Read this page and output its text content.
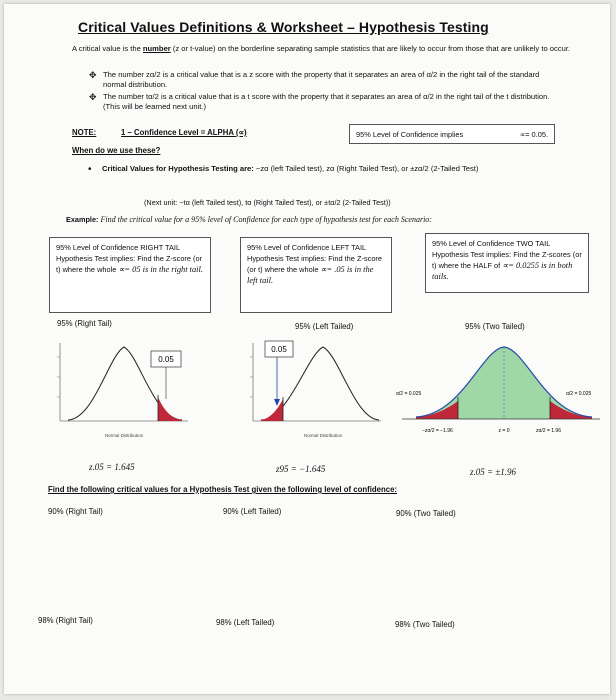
Critical Values Definitions & Worksheet – Hypothesis Testing
A critical value is the number (z or t-value) on the borderline separating sample statistics that are likely to occur from those that are unlikely to occur.
✥ The number zα/2 is a critical value that is a z score with the property that it separates an area of α/2 in the right tail of the standard normal distribution.
✥ The number tα/2 is a critical value that is a t score with the property that it separates an area of α/2 in the right tail of the t distribution. (This will be learned next unit.)
NOTE:	1 – Confidence Level = ALPHA (∝)	95% Level of Confidence implies	∝= 0.05.
When do we use these?
•	Critical Values for Hypothesis Testing are: −zα (left Tailed test), zα (Right Tailed Test), or ±zα/2 (2-Tailed Test)
(Next unit: −tα (left Tailed test), tα (Right Tailed Test), or ±tα/2 (2-Tailed Test))
Example: Find the critical value for a 95% level of Confidence for each type of hypothesis test for each Scenario:
95% Level of Confidence RIGHT TAIL Hypothesis Test implies: Find the Z-score (or t) where the whole ∝= 05 is in the right tail.
95% Level of Confidence LEFT TAIL Hypothesis Test implies: Find the Z-score (or t) where the whole ∝= .05 is in the left tail.
95% Level of Confidence TWO TAIL Hypothesis Test implies: Find the Z-scores (or t) where the HALF of ∝= 0.0255 is in both tails.
95% (Right Tail)	95% (Left Tailed)	95% (Two Tailed)
0.05
Normal Distribution
z.05 = 1.645
0.05
Normal Distribution
z95 = −1.645
α/2 = 0.025	α/2 = 0.025
−zα/2 = −1.96	z = 0	zα/2 = 1.96
z.05 = ±1.96
Find the following critical values for a Hypothesis Test given the following level of confidence:
90% (Right Tail)	90% (Left Tailed)	90% (Two Tailed)
98% (Right Tail)	98% (Left Tailed)	98% (Two Tailed)
